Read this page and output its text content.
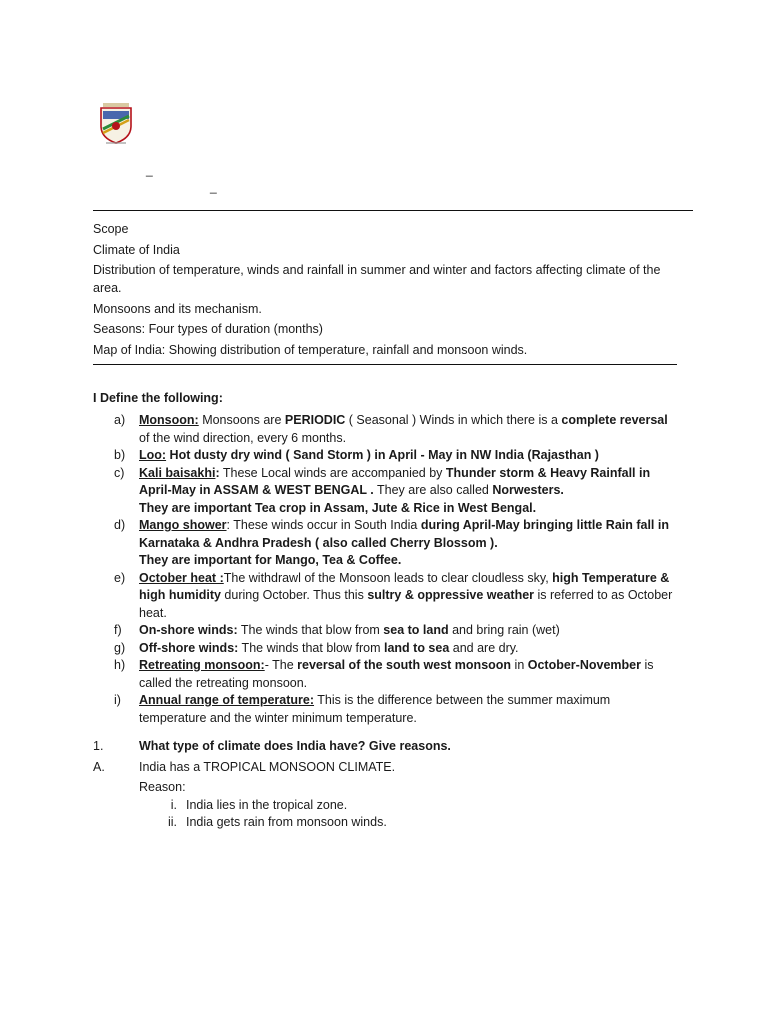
_
_

Scope

Climate of India

Distribution of temperature, winds and rainfall in summer and winter and factors affecting climate of the area.

Monsoons and its mechanism.

Seasons: Four types of duration (months)

Map of India: Showing distribution of temperature, rainfall and monsoon winds.

I Define the following:
a)	Monsoon: Monsoons are PERIODIC ( Seasonal ) Winds in which there is a complete reversal of the wind direction, every 6 months.
b)	Loo: Hot dusty dry wind ( Sand Storm ) in April - May in NW India (Rajasthan )
c)	Kali baisakhi: These Local winds are accompanied by Thunder storm & Heavy Rainfall in April-May in ASSAM & WEST BENGAL . They are also called Norwesters.
They are important Tea crop in Assam, Jute & Rice in West Bengal.
d)	Mango shower: These winds occur in South India during April-May bringing little Rain fall in Karnataka & Andhra Pradesh ( also called Cherry Blossom ).
They are important for Mango, Tea & Coffee.
e)	October heat :The withdrawl of the Monsoon leads to clear cloudless sky, high Temperature & high humidity during October. Thus this sultry & oppressive weather is referred to as October heat.
f)	On-shore winds: The winds that blow from sea to land and bring rain (wet)
g)	Off-shore winds: The winds that blow from land to sea and are dry.
h)	Retreating monsoon:- The reversal of the south west monsoon in October-November is called the retreating monsoon.
i)	Annual range of temperature: This is the difference between the summer maximum temperature and the winter minimum temperature.
1.	What type of climate does India have? Give reasons.
A.	India has a TROPICAL MONSOON CLIMATE.
Reason:
i. India lies in the tropical zone.
ii. India gets rain from monsoon winds.
